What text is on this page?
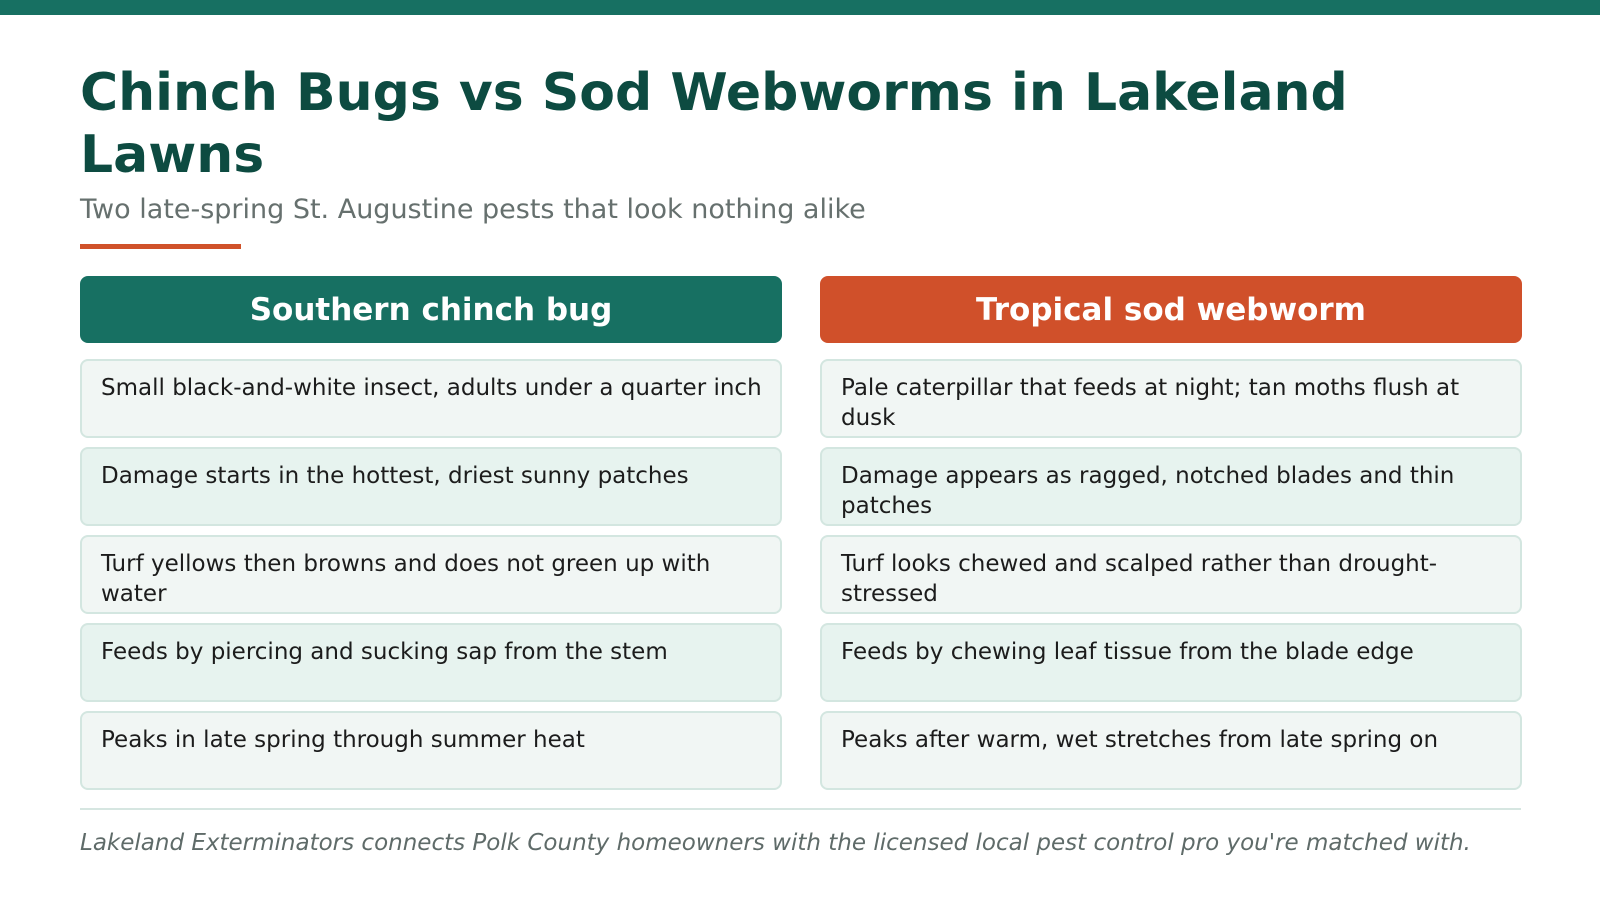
Chinch Bugs vs Sod Webworms in Lakeland Lawns
Two late-spring St. Augustine pests that look nothing alike
Southern chinch bug
Small black-and-white insect, adults under a quarter inch
Damage starts in the hottest, driest sunny patches
Turf yellows then browns and does not green up with water
Feeds by piercing and sucking sap from the stem
Peaks in late spring through summer heat
Tropical sod webworm
Pale caterpillar that feeds at night; tan moths flush at dusk
Damage appears as ragged, notched blades and thin patches
Turf looks chewed and scalped rather than drought-stressed
Feeds by chewing leaf tissue from the blade edge
Peaks after warm, wet stretches from late spring on
Lakeland Exterminators connects Polk County homeowners with the licensed local pest control pro you're matched with.
